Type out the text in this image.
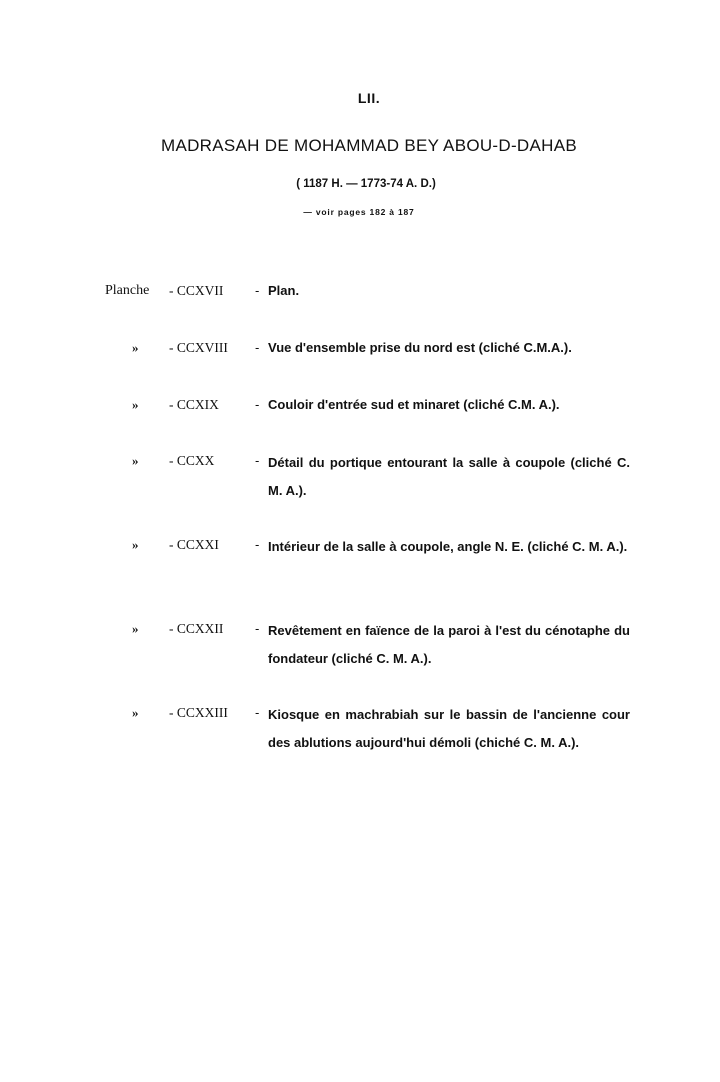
LII.
MADRASAH DE MOHAMMAD BEY ABOU-D-DAHAB
( 1187 H. — 1773-74 A. D.)
— voir pages 182 à 187
Planche - CCXVII - Plan.
» - CCXVIII - Vue d'ensemble prise du nord est (cliché C.M.A.).
» - CCXIX	- Couloir d'entrée sud et minaret (cliché C.M. A.).
» - CCXX	- Détail du portique entourant la salle à coupole (cliché C. M. A.).
» - CCXXI	- Intérieur de la salle à coupole, angle N. E. (cliché C. M. A.).
» - CCXXII - Revêtement en faïence de la paroi à l'est du cénotaphe du fondateur (cliché C. M. A.).
» - CCXXIII - Kiosque en machrabiah sur le bassin de l'ancienne cour des ablutions aujourd'hui démoli (chiché C. M. A.).
